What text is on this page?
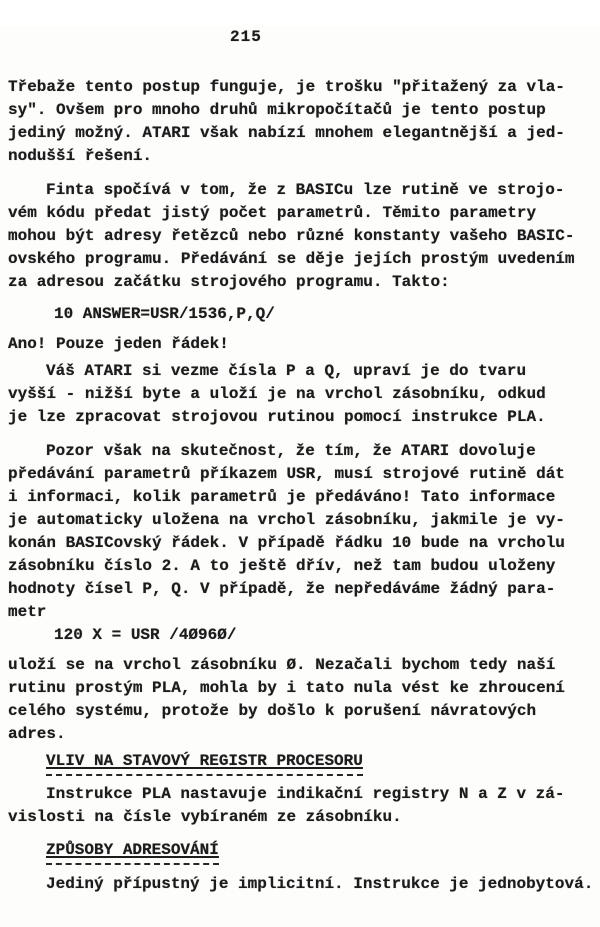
215
Třebaže tento postup funguje, je trošku "přitažený za vla-
sy". Ovšem pro mnoho druhů mikropočítačů je tento postup
jediný možný. ATARI však nabízí mnohem elegantnější a jed-
nodušší řešení.
Finta spočívá v tom, že z BASICu lze rutině ve strojo-
vém kódu předat jistý počet parametrů. Těmito parametry
mohou být adresy řetězců nebo různé konstanty vašeho BASIC-
ovského programu. Předávání se děje jejích prostým uvedením
za adresou začátku strojového programu. Takto:
10 ANSWER=USR/1536,P,Q/
Ano! Pouze jeden řádek!
Váš ATARI si vezme čísla P a Q, upraví je do tvaru
vyšší - nižší byte a uloží je na vrchol zásobníku, odkud
je lze zpracovat strojovou rutinou pomocí instrukce PLA.
Pozor však na skutečnost, že tím, že ATARI dovoluje
předávání parametrů příkazem USR, musí strojové rutině dát
i informaci, kolik parametrů je předáváno! Tato informace
je automaticky uložena na vrchol zásobníku, jakmile je vy-
konán BASICovský řádek. V případě řádku 10 bude na vrcholu
zásobníku číslo 2. A to ještě dřív, než tam budou uloženy
hodnoty čísel P, Q. V případě, že nepředáváme žádný para-
metr
120 X = USR /4Ø96Ø/
uloží se na vrchol zásobníku Ø. Nezačali bychom tedy naší
rutinu prostým PLA, mohla by i tato nula vést ke zhroucení
celého systému, protože by došlo k porušení návratových
adres.
VLIV NA STAVOVÝ REGISTR PROCESORU
Instrukce PLA nastavuje indikační registry N a Z v zá-
vislosti na čísle vybíraném ze zásobníku.
ZPŮSOBY ADRESOVÁNÍ
Jediný přípustný je implicitní. Instrukce je jednobytová.
